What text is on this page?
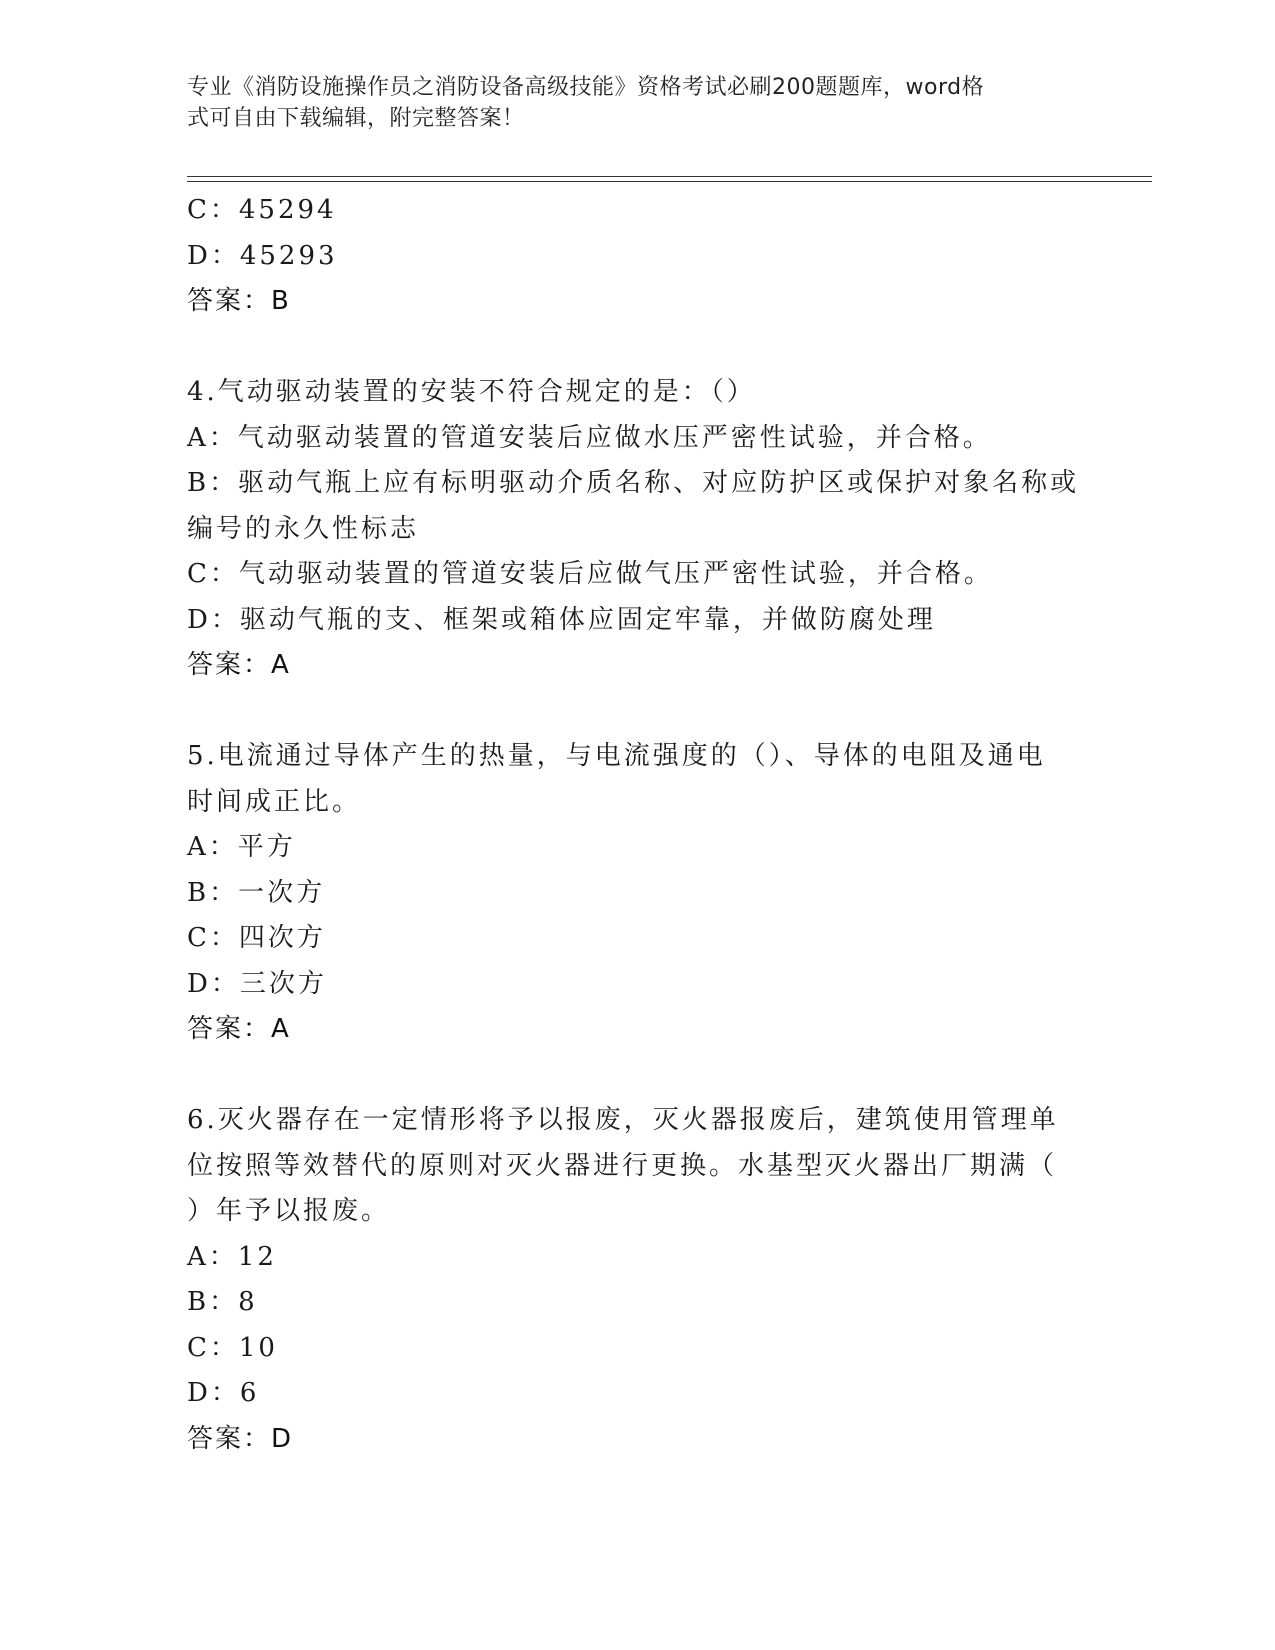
专业《消防设施操作员之消防设备高级技能》资格考试必刷200题题库，word格
式可自由下载编辑，附完整答案！
C：45294
D：45293
答案：B
4.气动驱动装置的安装不符合规定的是：（）
A：气动驱动装置的管道安装后应做水压严密性试验，并合格。
B：驱动气瓶上应有标明驱动介质名称、对应防护区或保护对象名称或
编号的永久性标志
C：气动驱动装置的管道安装后应做气压严密性试验，并合格。
D：驱动气瓶的支、框架或箱体应固定牢靠，并做防腐处理
答案：A
5.电流通过导体产生的热量，与电流强度的（）、导体的电阻及通电
时间成正比。
A：平方
B：一次方
C：四次方
D：三次方
答案：A
6.灭火器存在一定情形将予以报废，灭火器报废后，建筑使用管理单
位按照等效替代的原则对灭火器进行更换。水基型灭火器出厂期满（
）年予以报废。
A：12
B：8
C：10
D：6
答案：D
